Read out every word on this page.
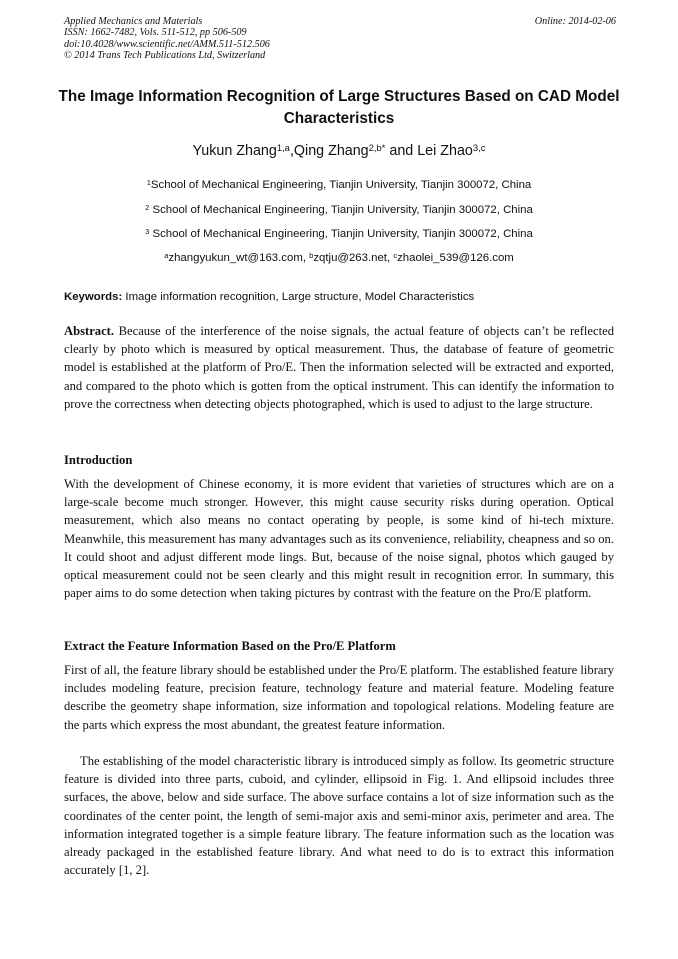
Applied Mechanics and Materials
ISSN: 1662-7482, Vols. 511-512, pp 506-509
doi:10.4028/www.scientific.net/AMM.511-512.506
© 2014 Trans Tech Publications Ltd, Switzerland
Online: 2014-02-06
The Image Information Recognition of Large Structures Based on CAD Model Characteristics
Yukun Zhang$^{1,a}$,Qing Zhang$^{2,b*}$ and Lei Zhao$^{3,c}$
$^1$School of Mechanical Engineering, Tianjin University, Tianjin 300072, China
$^2$ School of Mechanical Engineering, Tianjin University, Tianjin 300072, China
$^3$ School of Mechanical Engineering, Tianjin University, Tianjin 300072, China
$^a$zhangyukun_wt@163.com, $^b$zqtju@263.net, $^c$zhaolei_539@126.com
Keywords: Image information recognition, Large structure, Model Characteristics

Abstract. Because of the interference of the noise signals, the actual feature of objects can’t be reflected clearly by photo which is measured by optical measurement. Thus, the database of feature of geometric model is established at the platform of Pro/E. Then the information selected will be extracted and exported, and compared to the photo which is gotten from the optical instrument. This can identify the information to prove the correctness when detecting objects photographed, which is used to adjust to the large structure.

Introduction

With the development of Chinese economy, it is more evident that varieties of structures which are on a large-scale become much stronger. However, this might cause security risks during operation. Optical measurement, which also means no contact operating by people, is some kind of hi-tech mixture. Meanwhile, this measurement has many advantages such as its convenience, reliability, cheapness and so on. It could shoot and adjust different mode lings. But, because of the noise signal, photos which gauged by optical measurement could not be seen clearly and this might result in recognition error. In summary, this paper aims to do some detection when taking pictures by contrast with the feature on the Pro/E platform.

Extract the Feature Information Based on the Pro/E Platform

First of all, the feature library should be established under the Pro/E platform. The established feature library includes modeling feature, precision feature, technology feature and material feature. Modeling feature describe the geometry shape information, size information and topological relations. Modeling feature are the parts which express the most abundant, the greatest feature information.

The establishing of the model characteristic library is introduced simply as follow. Its geometric structure feature is divided into three parts, cuboid, and cylinder, ellipsoid in Fig. 1. And ellipsoid includes three surfaces, the above, below and side surface. The above surface contains a lot of size information such as the coordinates of the center point, the length of semi-major axis and semi-minor axis, perimeter and area. The information integrated together is a simple feature library. The feature information such as the location was already packaged in the established feature library. And what need to do is to extract this information accurately [1, 2].
